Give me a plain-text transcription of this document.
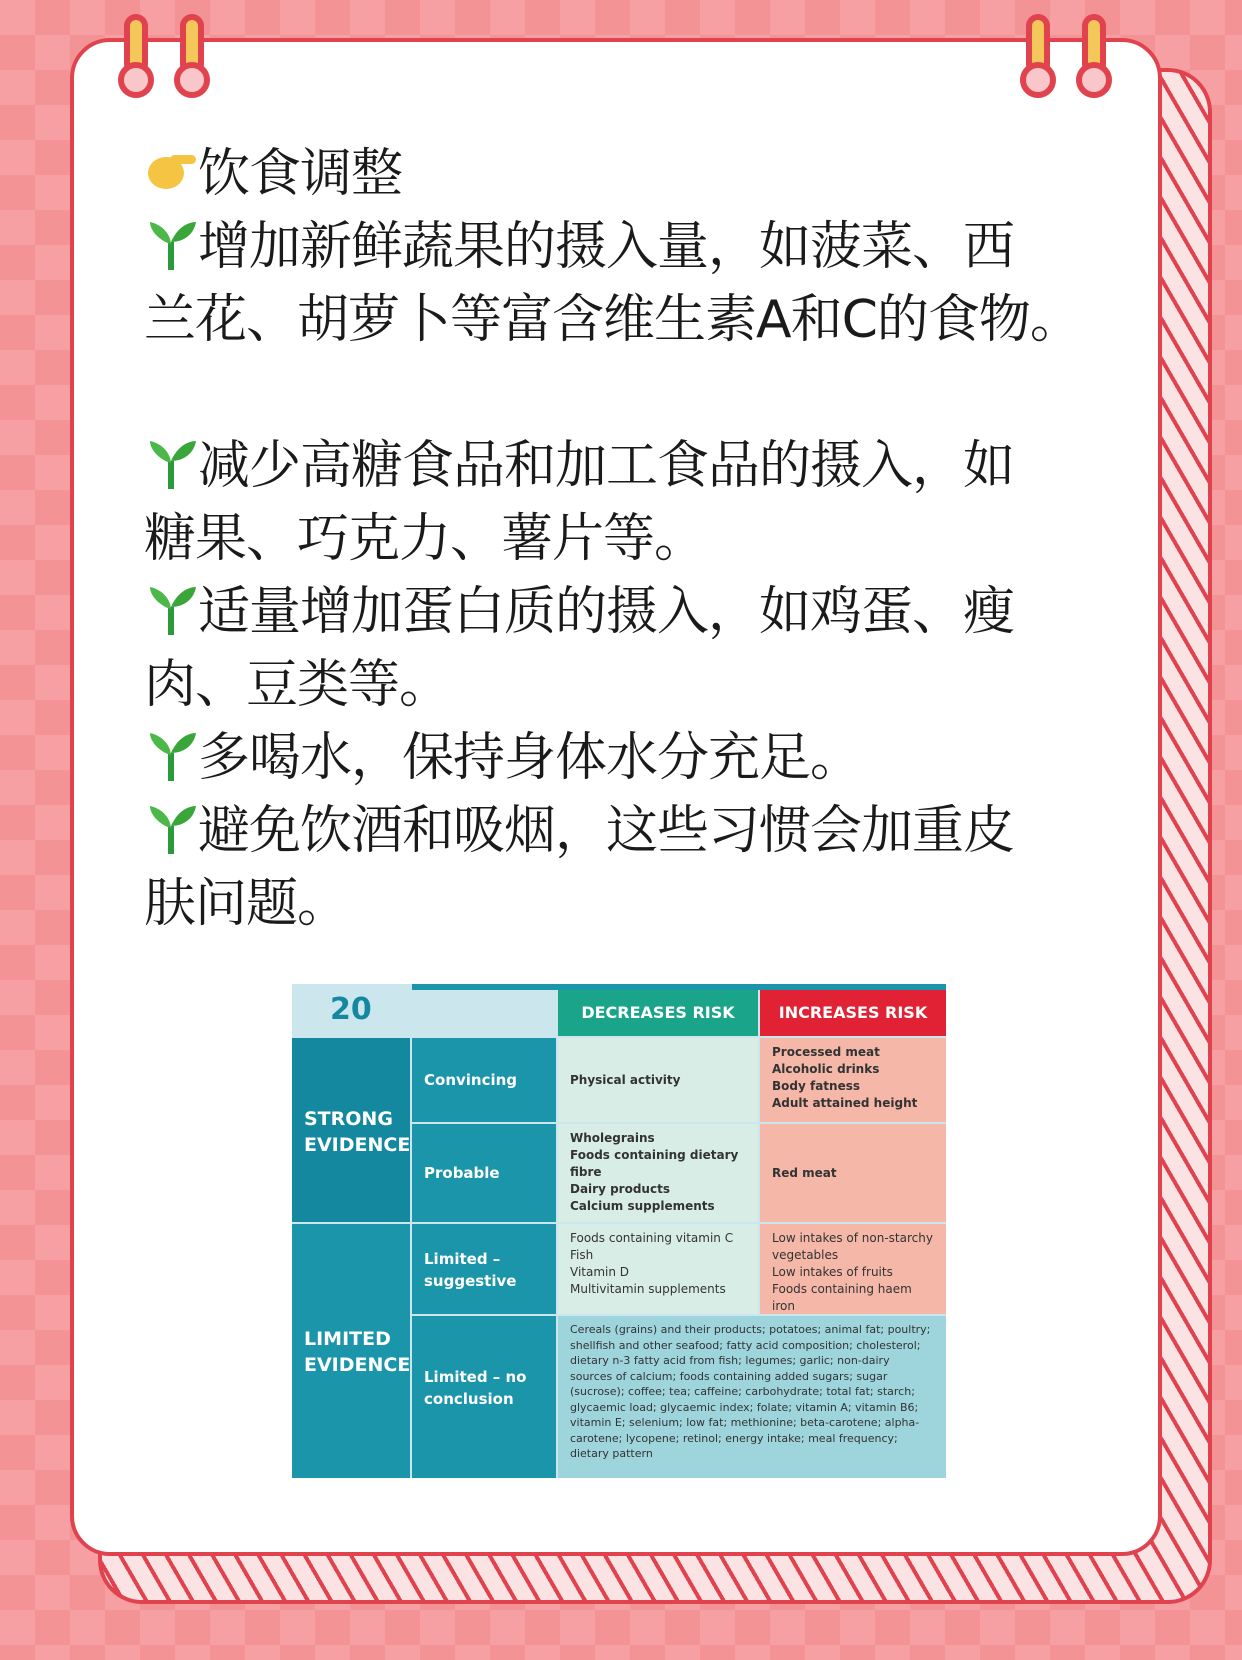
饮食调整
增加新鲜蔬果的摄入量，如菠菜、西
兰花、胡萝卜等富含维生素A和C的食物。
减少高糖食品和加工食品的摄入，如
糖果、巧克力、薯片等。
适量增加蛋白质的摄入，如鸡蛋、瘦
肉、豆类等。
多喝水，保持身体水分充足。
避免饮酒和吸烟，这些习惯会加重皮
肤问题。
20	DECREASES RISK	INCREASES RISK
STRONG EVIDENCE
Convincing
Probable
Physical activity
Processed meat
Alcoholic drinks
Body fatness
Adult attained height
Wholegrains
Foods containing dietary fibre
Dairy products
Calcium supplements
Red meat
LIMITED EVIDENCE
Limited – suggestive
Limited – no conclusion
Foods containing vitamin C
Fish
Vitamin D
Multivitamin supplements
Low intakes of non-starchy vegetables
Low intakes of fruits
Foods containing haem iron
Cereals (grains) and their products; potatoes; animal fat; poultry; shellfish and other seafood; fatty acid composition; cholesterol; dietary n-3 fatty acid from fish; legumes; garlic; non-dairy sources of calcium; foods containing added sugars; sugar (sucrose); coffee; tea; caffeine; carbohydrate; total fat; starch; glycaemic load; glycaemic index; folate; vitamin A; vitamin B6; vitamin E; selenium; low fat; methionine; beta-carotene; alpha-carotene; lycopene; retinol; energy intake; meal frequency; dietary pattern
